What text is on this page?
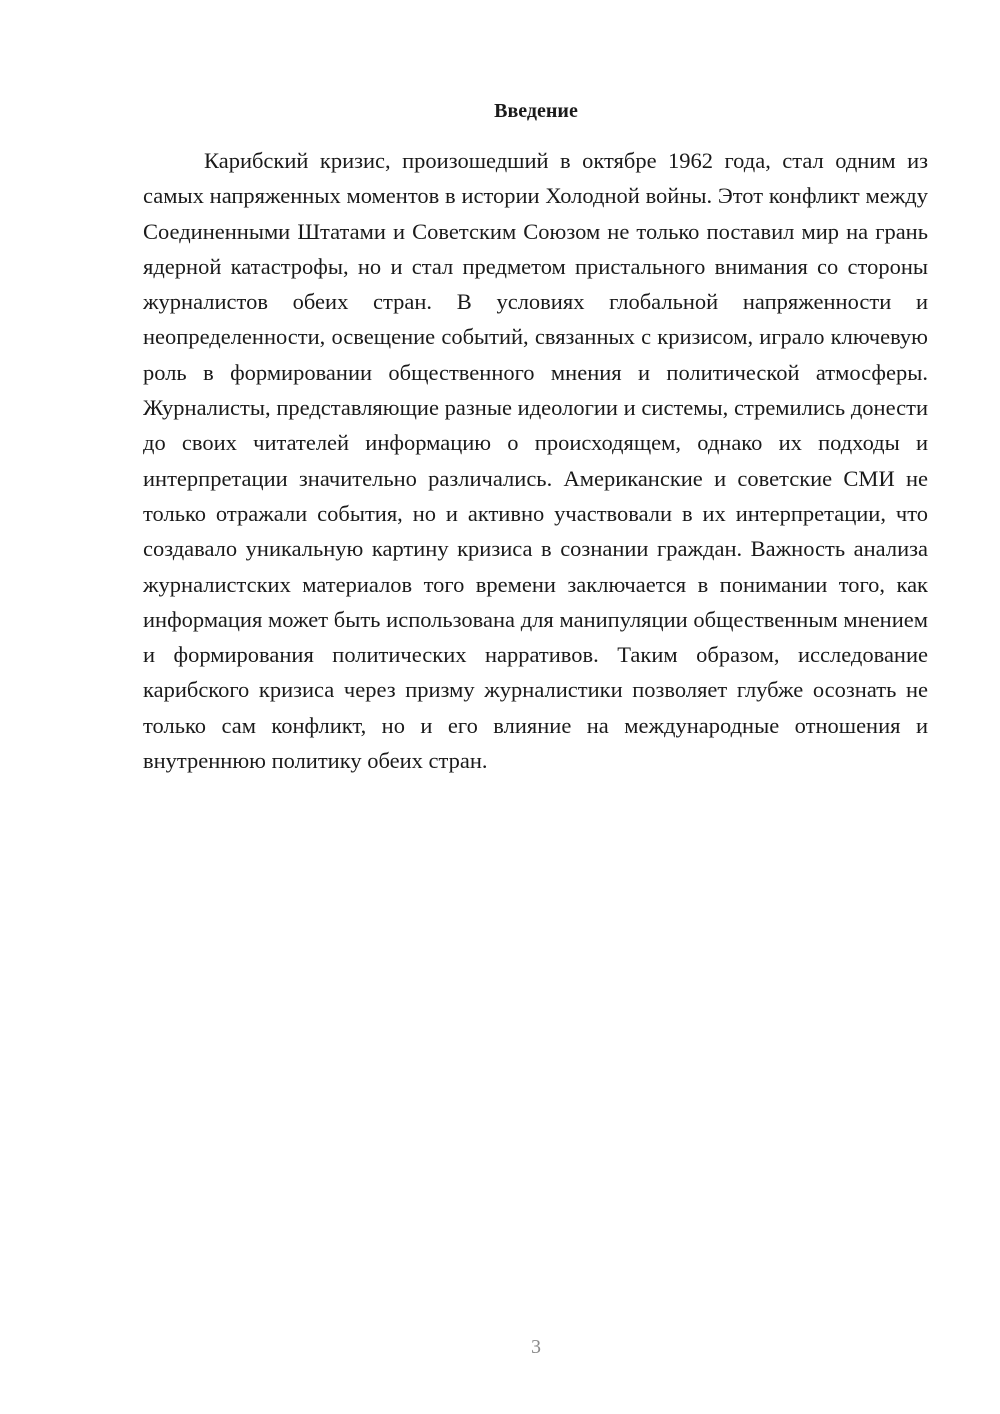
Введение

Карибский кризис, произошедший в октябре 1962 года, стал одним из самых напряженных моментов в истории Холодной войны. Этот конфликт между Соединенными Штатами и Советским Союзом не только поставил мир на грань ядерной катастрофы, но и стал предметом пристального внимания со стороны журналистов обеих стран. В условиях глобальной напряженности и неопределенности, освещение событий, связанных с кризисом, играло ключевую роль в формировании общественного мнения и политической атмосферы. Журналисты, представляющие разные идеологии и системы, стремились донести до своих читателей информацию о происходящем, однако их подходы и интерпретации значительно различались. Американские и советские СМИ не только отражали события, но и активно участвовали в их интерпретации, что создавало уникальную картину кризиса в сознании граждан. Важность анализа журналистских материалов того времени заключается в понимании того, как информация может быть использована для манипуляции общественным мнением и формирования политических нарративов. Таким образом, исследование карибского кризиса через призму журналистики позволяет глубже осознать не только сам конфликт, но и его влияние на международные отношения и внутреннюю политику обеих стран.

3
